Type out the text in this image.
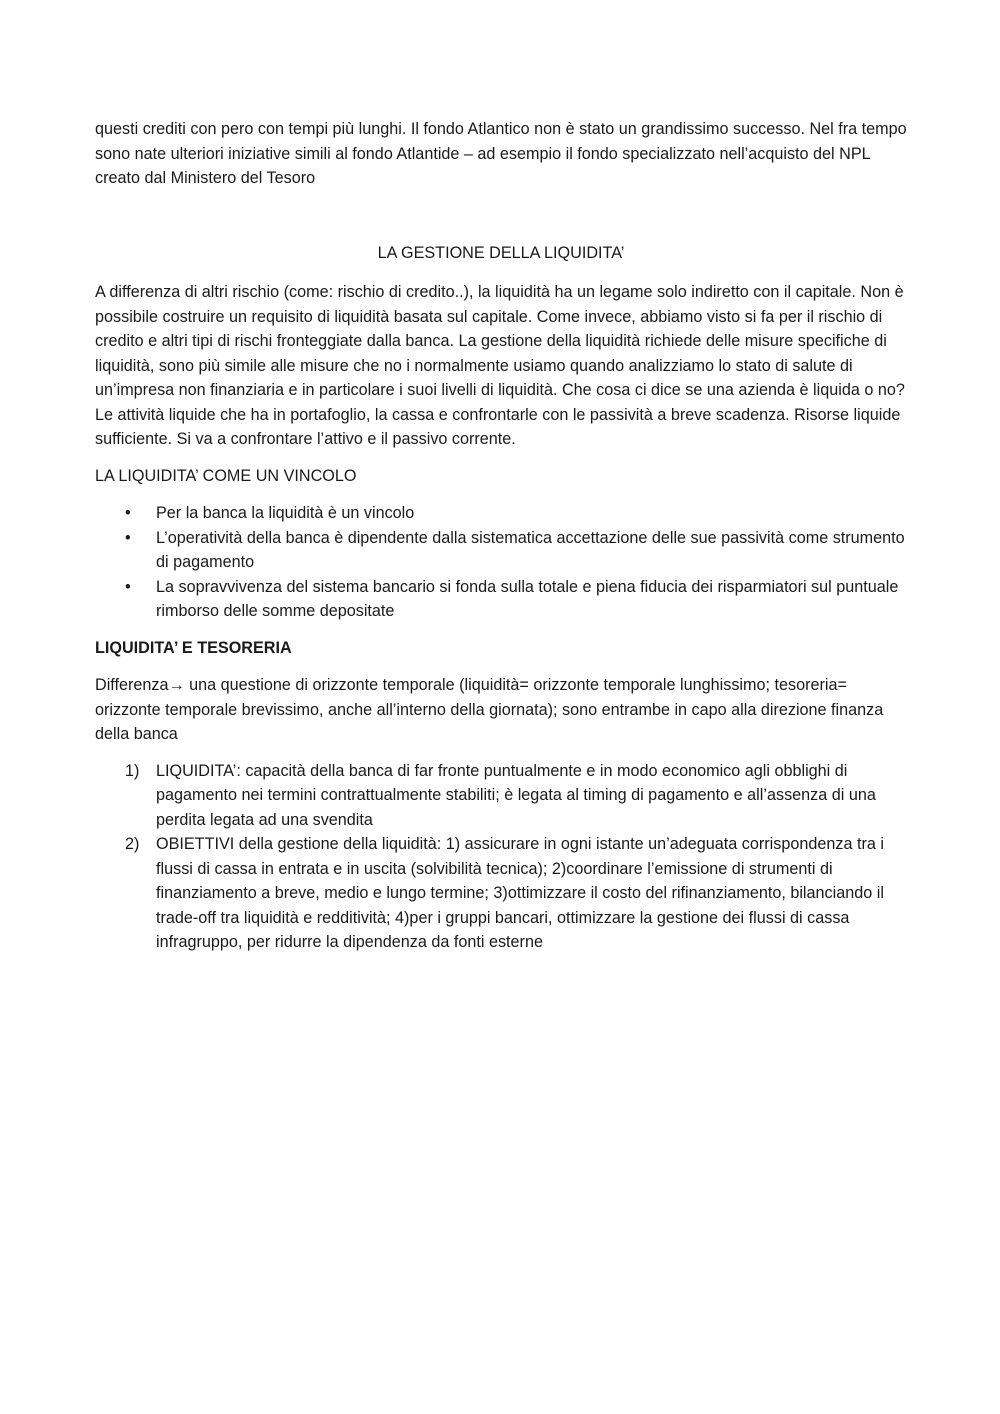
questi crediti con pero con tempi più lunghi. Il fondo Atlantico non è stato un grandissimo successo. Nel fra tempo sono nate ulteriori iniziative simili al fondo Atlantide – ad esempio il fondo specializzato nell’acquisto del NPL creato dal Ministero del Tesoro

LA GESTIONE DELLA LIQUIDITA’

A differenza di altri rischio (come: rischio di credito..), la liquidità ha un legame solo indiretto con il capitale. Non è possibile costruire un requisito di liquidità basata sul capitale. Come invece, abbiamo visto si fa per il rischio di credito e altri tipi di rischi fronteggiate dalla banca. La gestione della liquidità richiede delle misure specifiche di liquidità, sono più simile alle misure che no i normalmente usiamo quando analizziamo lo stato di salute di un’impresa non finanziaria e in particolare i suoi livelli di liquidità. Che cosa ci dice se una azienda è liquida o no? Le attività liquide che ha in portafoglio, la cassa e confrontarle con le passività a breve scadenza. Risorse liquide sufficiente. Si va a confrontare l’attivo e il passivo corrente.

LA LIQUIDITA’ COME UN VINCOLO

• Per la banca la liquidità è un vincolo
• L’operatività della banca è dipendente dalla sistematica accettazione delle sue passività come strumento di pagamento
• La sopravvivenza del sistema bancario si fonda sulla totale e piena fiducia dei risparmiatori sul puntuale rimborso delle somme depositate

LIQUIDITA’ E TESORERIA

Differenza→ una questione di orizzonte temporale (liquidità= orizzonte temporale lunghissimo; tesoreria= orizzonte temporale brevissimo, anche all’interno della giornata); sono entrambe in capo alla direzione finanza della banca

1) LIQUIDITA’: capacità della banca di far fronte puntualmente e in modo economico agli obblighi di pagamento nei termini contrattualmente stabiliti; è legata al timing di pagamento e all’assenza di una perdita legata ad una svendita
2) OBIETTIVI della gestione della liquidità: 1) assicurare in ogni istante un’adeguata corrispondenza tra i flussi di cassa in entrata e in uscita (solvibilità tecnica); 2)coordinare l’emissione di strumenti di finanziamento a breve, medio e lungo termine; 3)ottimizzare il costo del rifinanziamento, bilanciando il trade-off tra liquidità e redditività; 4)per i gruppi bancari, ottimizzare la gestione dei flussi di cassa infragruppo, per ridurre la dipendenza da fonti esterne
